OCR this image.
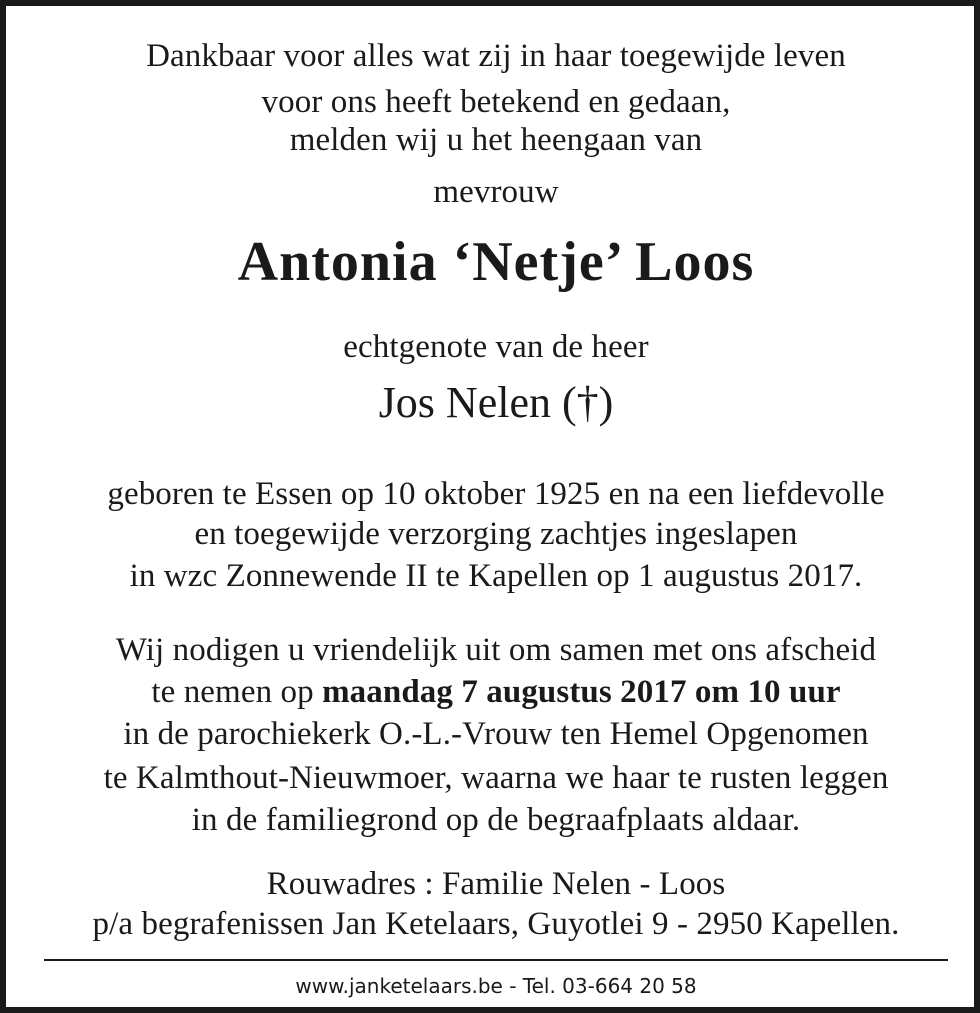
Dankbaar voor alles wat zij in haar toegewijde leven

voor ons heeft betekend en gedaan,

melden wij u het heengaan van

mevrouw

Antonia ‘Netje’ Loos

echtgenote van de heer

Jos Nelen (†)

geboren te Essen op 10 oktober 1925 en na een liefdevolle

en toegewijde verzorging zachtjes ingeslapen

in wzc Zonnewende II te Kapellen op 1 augustus 2017.

Wij nodigen u vriendelijk uit om samen met ons afscheid

te nemen op maandag 7 augustus 2017 om 10 uur

in de parochiekerk O.-L.-Vrouw ten Hemel Opgenomen

te Kalmthout-Nieuwmoer, waarna we haar te rusten leggen

in de familiegrond op de begraafplaats aldaar.

Rouwadres : Familie Nelen - Loos

p/a begrafenissen Jan Ketelaars, Guyotlei 9 - 2950 Kapellen.

www.janketelaars.be - Tel. 03-664 20 58
